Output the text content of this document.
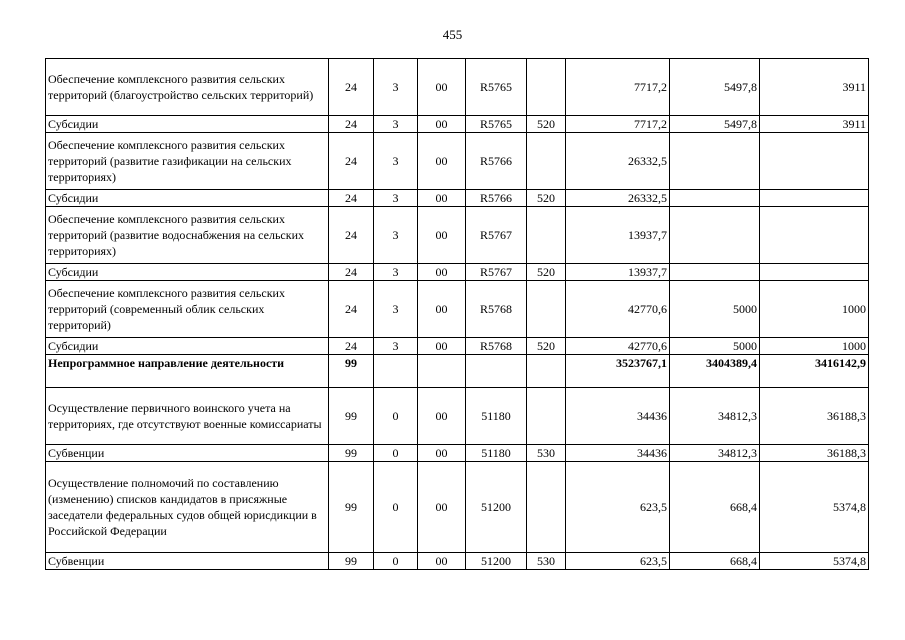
455
Обеспечение комплексного развития сельских территорий (благоустройство сельских территорий)	24	3	00	R5765		7717,2	5497,8	3911
Субсидии	24	3	00	R5765	520	7717,2	5497,8	3911
Обеспечение комплексного развития сельских территорий (развитие газификации на сельских территориях)	24	3	00	R5766		26332,5		
Субсидии	24	3	00	R5766	520	26332,5		
Обеспечение комплексного развития сельских территорий (развитие водоснабжения на сельских территориях)	24	3	00	R5767		13937,7		
Субсидии	24	3	00	R5767	520	13937,7		
Обеспечение комплексного развития сельских территорий (современный облик сельских территорий)	24	3	00	R5768		42770,6	5000	1000
Субсидии	24	3	00	R5768	520	42770,6	5000	1000
Непрограммное направление деятельности	99					3523767,1	3404389,4	3416142,9
Осуществление первичного воинского учета на территориях, где отсутствуют военные комиссариаты	99	0	00	51180		34436	34812,3	36188,3
Субвенции	99	0	00	51180	530	34436	34812,3	36188,3
Осуществление полномочий по составлению (изменению) списков кандидатов в присяжные заседатели федеральных судов общей юрисдикции в Российской Федерации	99	0	00	51200		623,5	668,4	5374,8
Субвенции	99	0	00	51200	530	623,5	668,4	5374,8
